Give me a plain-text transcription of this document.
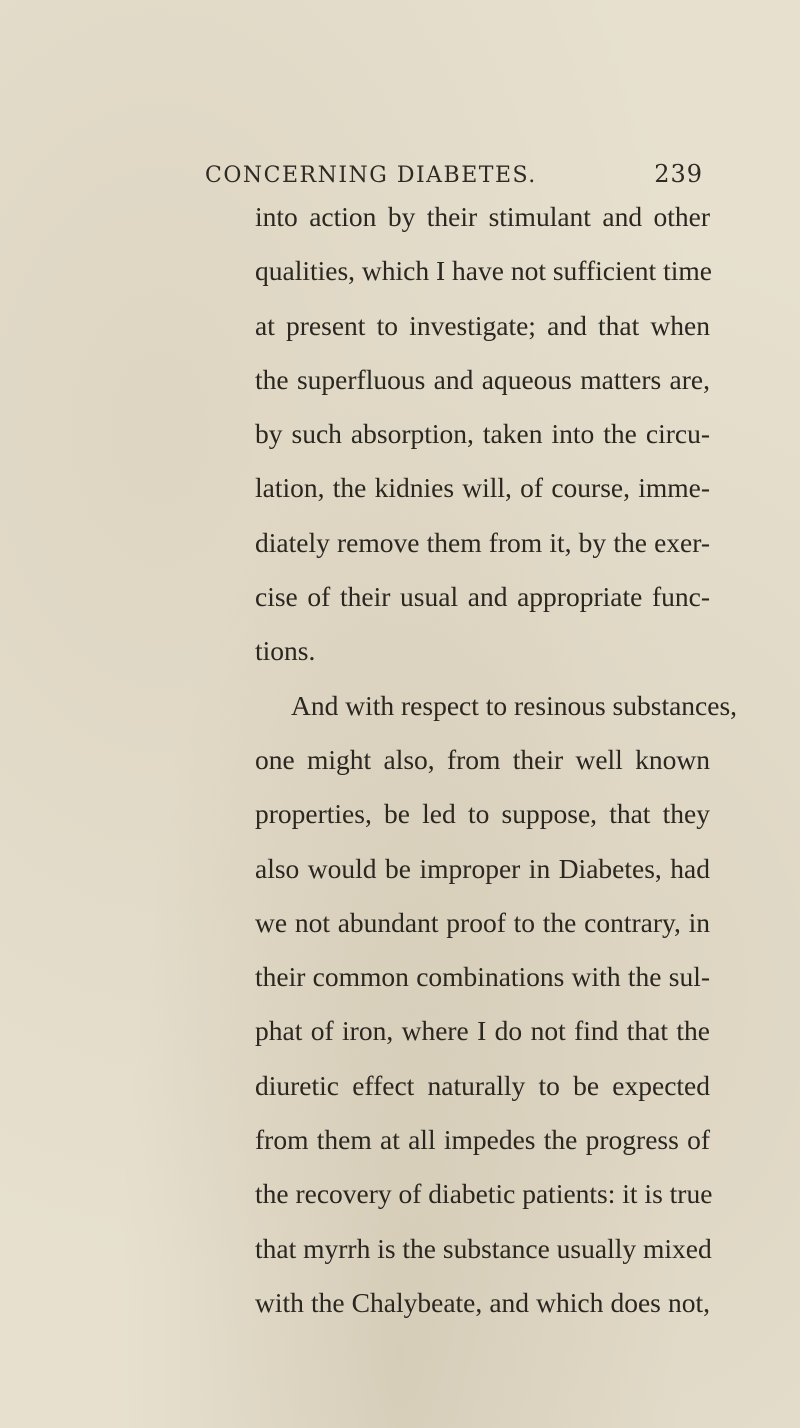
CONCERNING DIABETES.	239
into action by their stimulant and other
qualities, which I have not sufficient time
at present to investigate; and that when
the superfluous and aqueous matters are,
by such absorption, taken into the circu-
lation, the kidnies will, of course, imme-
diately remove them from it, by the exer-
cise of their usual and appropriate func-
tions.
And with respect to resinous substances,
one might also, from their well known
properties, be led to suppose, that they
also would be improper in Diabetes, had
we not abundant proof to the contrary, in
their common combinations with the sul-
phat of iron, where I do not find that the
diuretic effect naturally to be expected
from them at all impedes the progress of
the recovery of diabetic patients: it is true
that myrrh is the substance usually mixed
with the Chalybeate, and which does not,
